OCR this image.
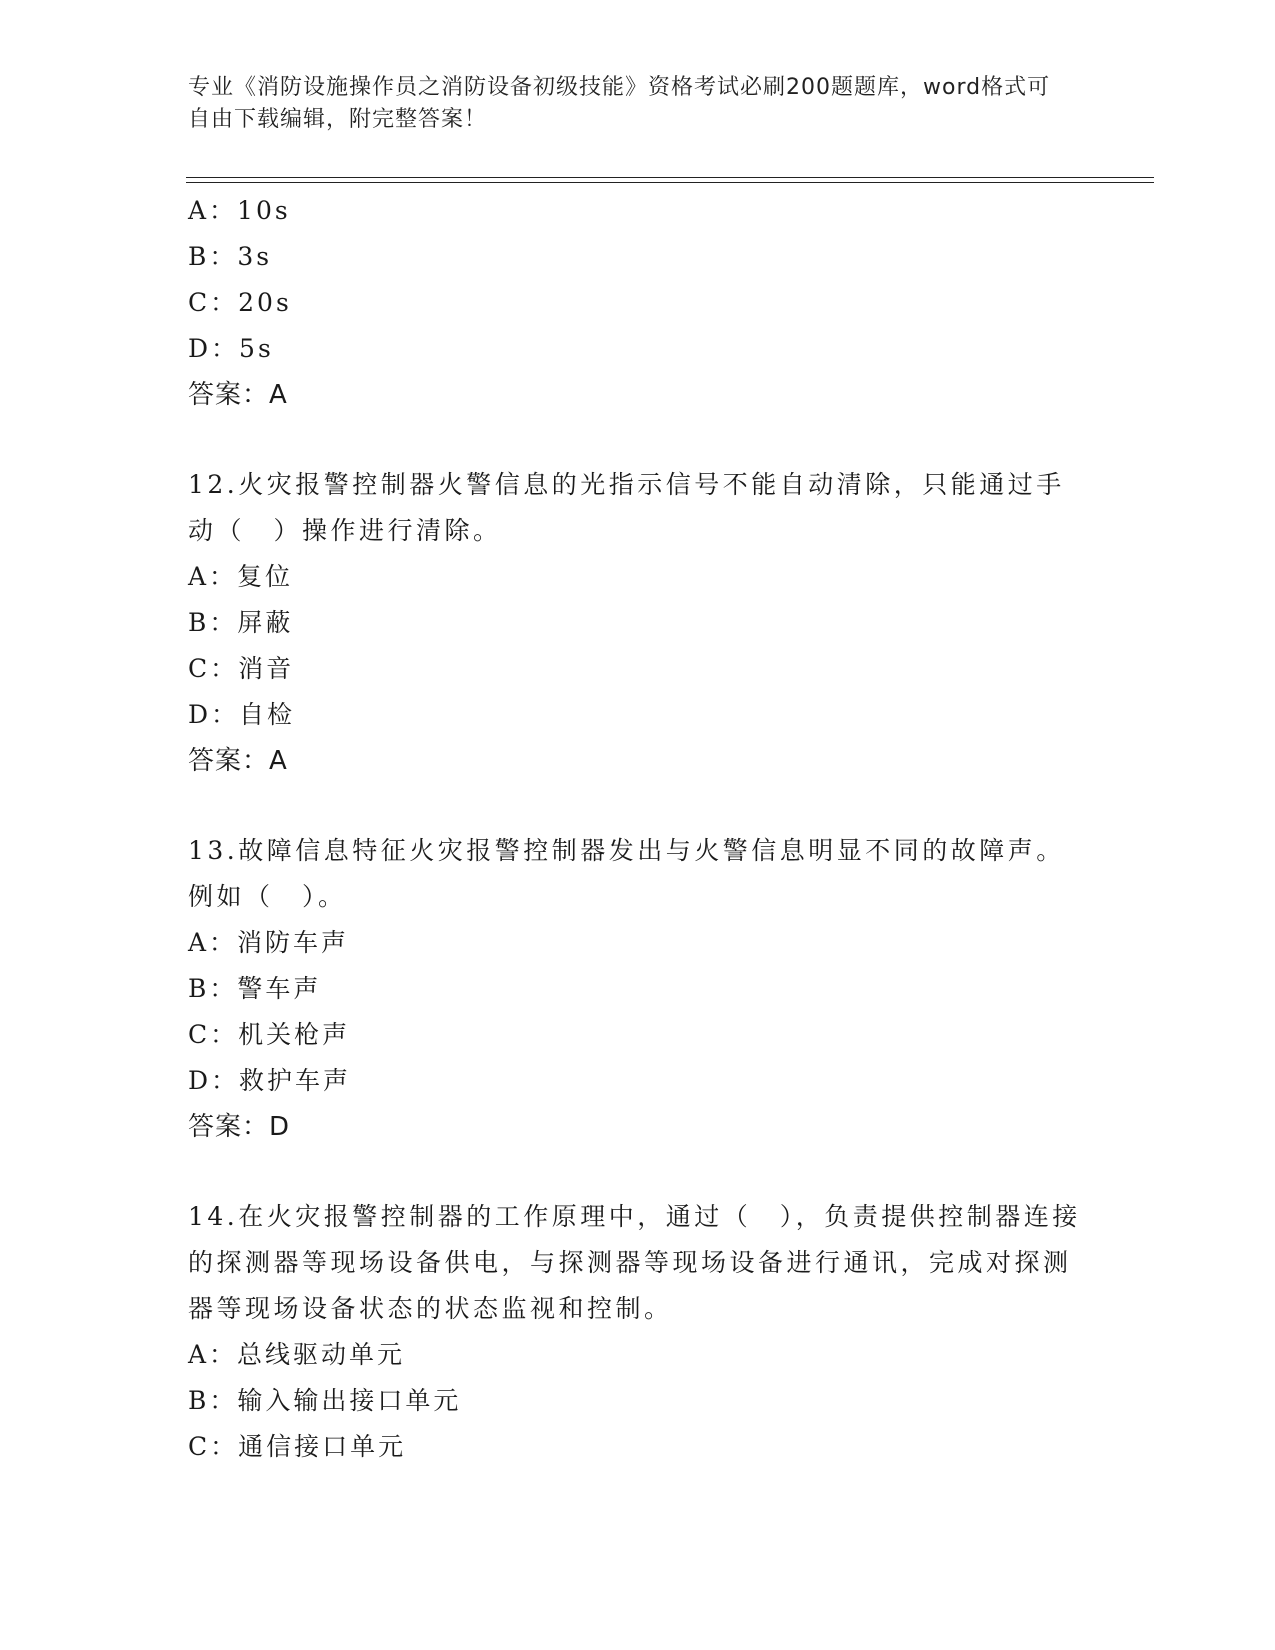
专业《消防设施操作员之消防设备初级技能》资格考试必刷200题题库，word格式可自由下载编辑，附完整答案！
A：10s
B：3s
C：20s
D：5s
答案：A
12.火灾报警控制器火警信息的光指示信号不能自动清除，只能通过手动（　）操作进行清除。
A：复位
B：屏蔽
C：消音
D：自检
答案：A
13.故障信息特征火灾报警控制器发出与火警信息明显不同的故障声。例如（　）。
A：消防车声
B：警车声
C：机关枪声
D：救护车声
答案：D
14.在火灾报警控制器的工作原理中，通过（　），负责提供控制器连接的探测器等现场设备供电，与探测器等现场设备进行通讯，完成对探测器等现场设备状态的状态监视和控制。
A：总线驱动单元
B：输入输出接口单元
C：通信接口单元
